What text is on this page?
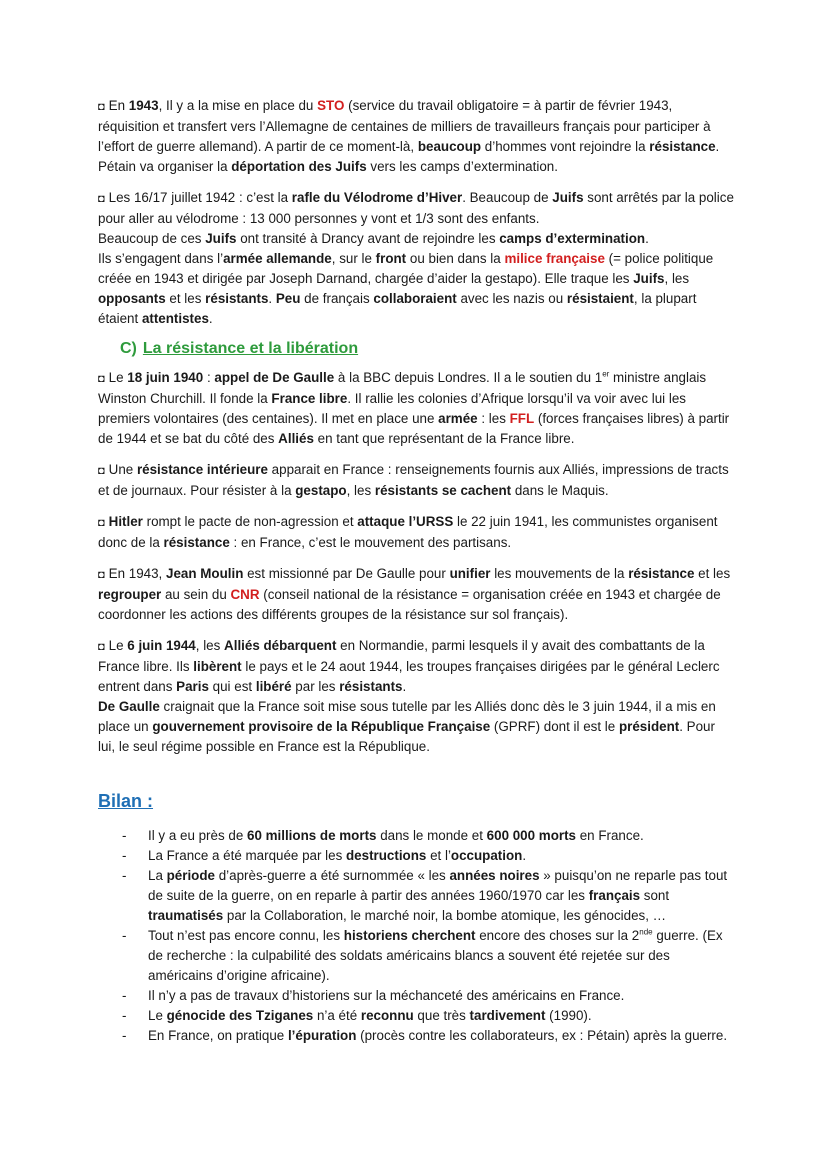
◘ En 1943, Il y a la mise en place du STO (service du travail obligatoire = à partir de février 1943, réquisition et transfert vers l’Allemagne de centaines de milliers de travailleurs français pour participer à l’effort de guerre allemand). A partir de ce moment-là, beaucoup d’hommes vont rejoindre la résistance. Pétain va organiser la déportation des Juifs vers les camps d’extermination.

◘ Les 16/17 juillet 1942 : c’est la rafle du Vélodrome d’Hiver. Beaucoup de Juifs sont arrêtés par la police pour aller au vélodrome : 13 000 personnes y vont et 1/3 sont des enfants.
Beaucoup de ces Juifs ont transité à Drancy avant de rejoindre les camps d’extermination.
Ils s’engagent dans l’armée allemande, sur le front ou bien dans la milice française (= police politique créée en 1943 et dirigée par Joseph Darnand, chargée d’aider la gestapo). Elle traque les Juifs, les opposants et les résistants. Peu de français collaboraient avec les nazis ou résistaient, la plupart étaient attentistes.

C) La résistance et la libération

◘ Le 18 juin 1940 : appel de De Gaulle à la BBC depuis Londres. Il a le soutien du 1er ministre anglais Winston Churchill. Il fonde la France libre. Il rallie les colonies d’Afrique lorsqu’il va voir avec lui les premiers volontaires (des centaines). Il met en place une armée : les FFL (forces françaises libres) à partir de 1944 et se bat du côté des Alliés en tant que représentant de la France libre.

◘ Une résistance intérieure apparait en France : renseignements fournis aux Alliés, impressions de tracts et de journaux. Pour résister à la gestapo, les résistants se cachent dans le Maquis.

◘ Hitler rompt le pacte de non-agression et attaque l’URSS le 22 juin 1941, les communistes organisent donc de la résistance : en France, c’est le mouvement des partisans.

◘ En 1943, Jean Moulin est missionné par De Gaulle pour unifier les mouvements de la résistance et les regrouper au sein du CNR (conseil national de la résistance = organisation créée en 1943 et chargée de coordonner les actions des différents groupes de la résistance sur sol français).

◘ Le 6 juin 1944, les Alliés débarquent en Normandie, parmi lesquels il y avait des combattants de la France libre. Ils libèrent le pays et le 24 aout 1944, les troupes françaises dirigées par le général Leclerc entrent dans Paris qui est libéré par les résistants.
De Gaulle craignait que la France soit mise sous tutelle par les Alliés donc dès le 3 juin 1944, il a mis en place un gouvernement provisoire de la République Française (GPRF) dont il est le président. Pour lui, le seul régime possible en France est la République.

Bilan :
- Il y a eu près de 60 millions de morts dans le monde et 600 000 morts en France.
- La France a été marquée par les destructions et l’occupation.
- La période d’après-guerre a été surnommée « les années noires » puisqu’on ne reparle pas tout de suite de la guerre, on en reparle à partir des années 1960/1970 car les français sont traumatisés par la Collaboration, le marché noir, la bombe atomique, les génocides, …
- Tout n’est pas encore connu, les historiens cherchent encore des choses sur la 2nde guerre. (Ex de recherche : la culpabilité des soldats américains blancs a souvent été rejetée sur des américains d’origine africaine).
- Il n’y a pas de travaux d’historiens sur la méchanceté des américains en France.
- Le génocide des Tziganes n’a été reconnu que très tardivement (1990).
- En France, on pratique l’épuration (procès contre les collaborateurs, ex : Pétain) après la guerre.
